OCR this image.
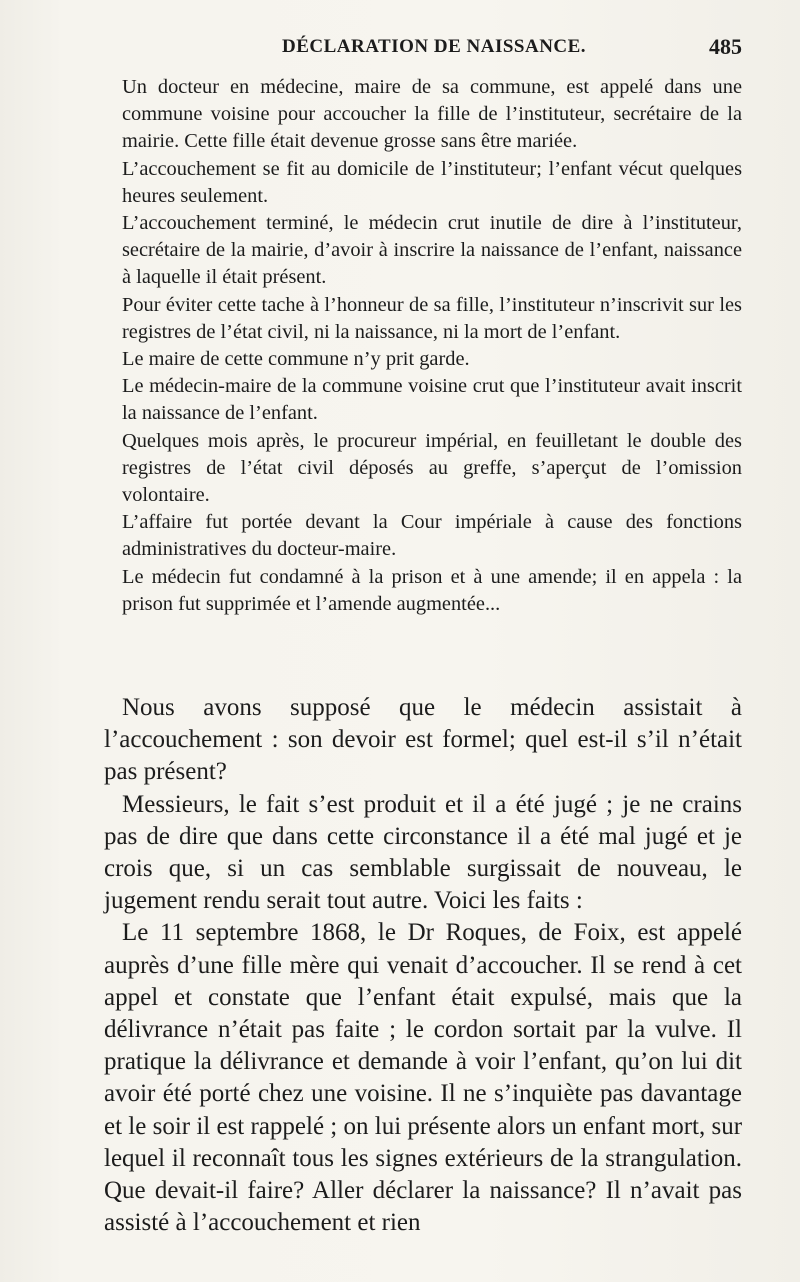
DÉCLARATION DE NAISSANCE.	485

Un docteur en médecine, maire de sa commune, est appelé dans une commune voisine pour accoucher la fille de l’instituteur, secrétaire de la mairie. Cette fille était devenue grosse sans être mariée.

L’accouchement se fit au domicile de l’instituteur; l’enfant vécut quelques heures seulement.

L’accouchement terminé, le médecin crut inutile de dire à l’instituteur, secrétaire de la mairie, d’avoir à inscrire la naissance de l’enfant, naissance à laquelle il était présent.

Pour éviter cette tache à l’honneur de sa fille, l’instituteur n’inscrivit sur les registres de l’état civil, ni la naissance, ni la mort de l’enfant.

Le maire de cette commune n’y prit garde.

Le médecin-maire de la commune voisine crut que l’instituteur avait inscrit la naissance de l’enfant.

Quelques mois après, le procureur impérial, en feuilletant le double des registres de l’état civil déposés au greffe, s’aperçut de l’omission volontaire.

L’affaire fut portée devant la Cour impériale à cause des fonctions administratives du docteur-maire.

Le médecin fut condamné à la prison et à une amende; il en appela : la prison fut supprimée et l’amende augmentée...

Nous avons supposé que le médecin assistait à l’accouchement : son devoir est formel; quel est-il s’il n’était pas présent?

Messieurs, le fait s’est produit et il a été jugé ; je ne crains pas de dire que dans cette circonstance il a été mal jugé et je crois que, si un cas semblable surgissait de nouveau, le jugement rendu serait tout autre. Voici les faits :

Le 11 septembre 1868, le Dr Roques, de Foix, est appelé auprès d’une fille mère qui venait d’accoucher. Il se rend à cet appel et constate que l’enfant était expulsé, mais que la délivrance n’était pas faite ; le cordon sortait par la vulve. Il pratique la délivrance et demande à voir l’enfant, qu’on lui dit avoir été porté chez une voisine. Il ne s’inquiète pas davantage et le soir il est rappelé ; on lui présente alors un enfant mort, sur lequel il reconnaît tous les signes extérieurs de la strangulation. Que devait-il faire? Aller déclarer la naissance? Il n’avait pas assisté à l’accouchement et rien
